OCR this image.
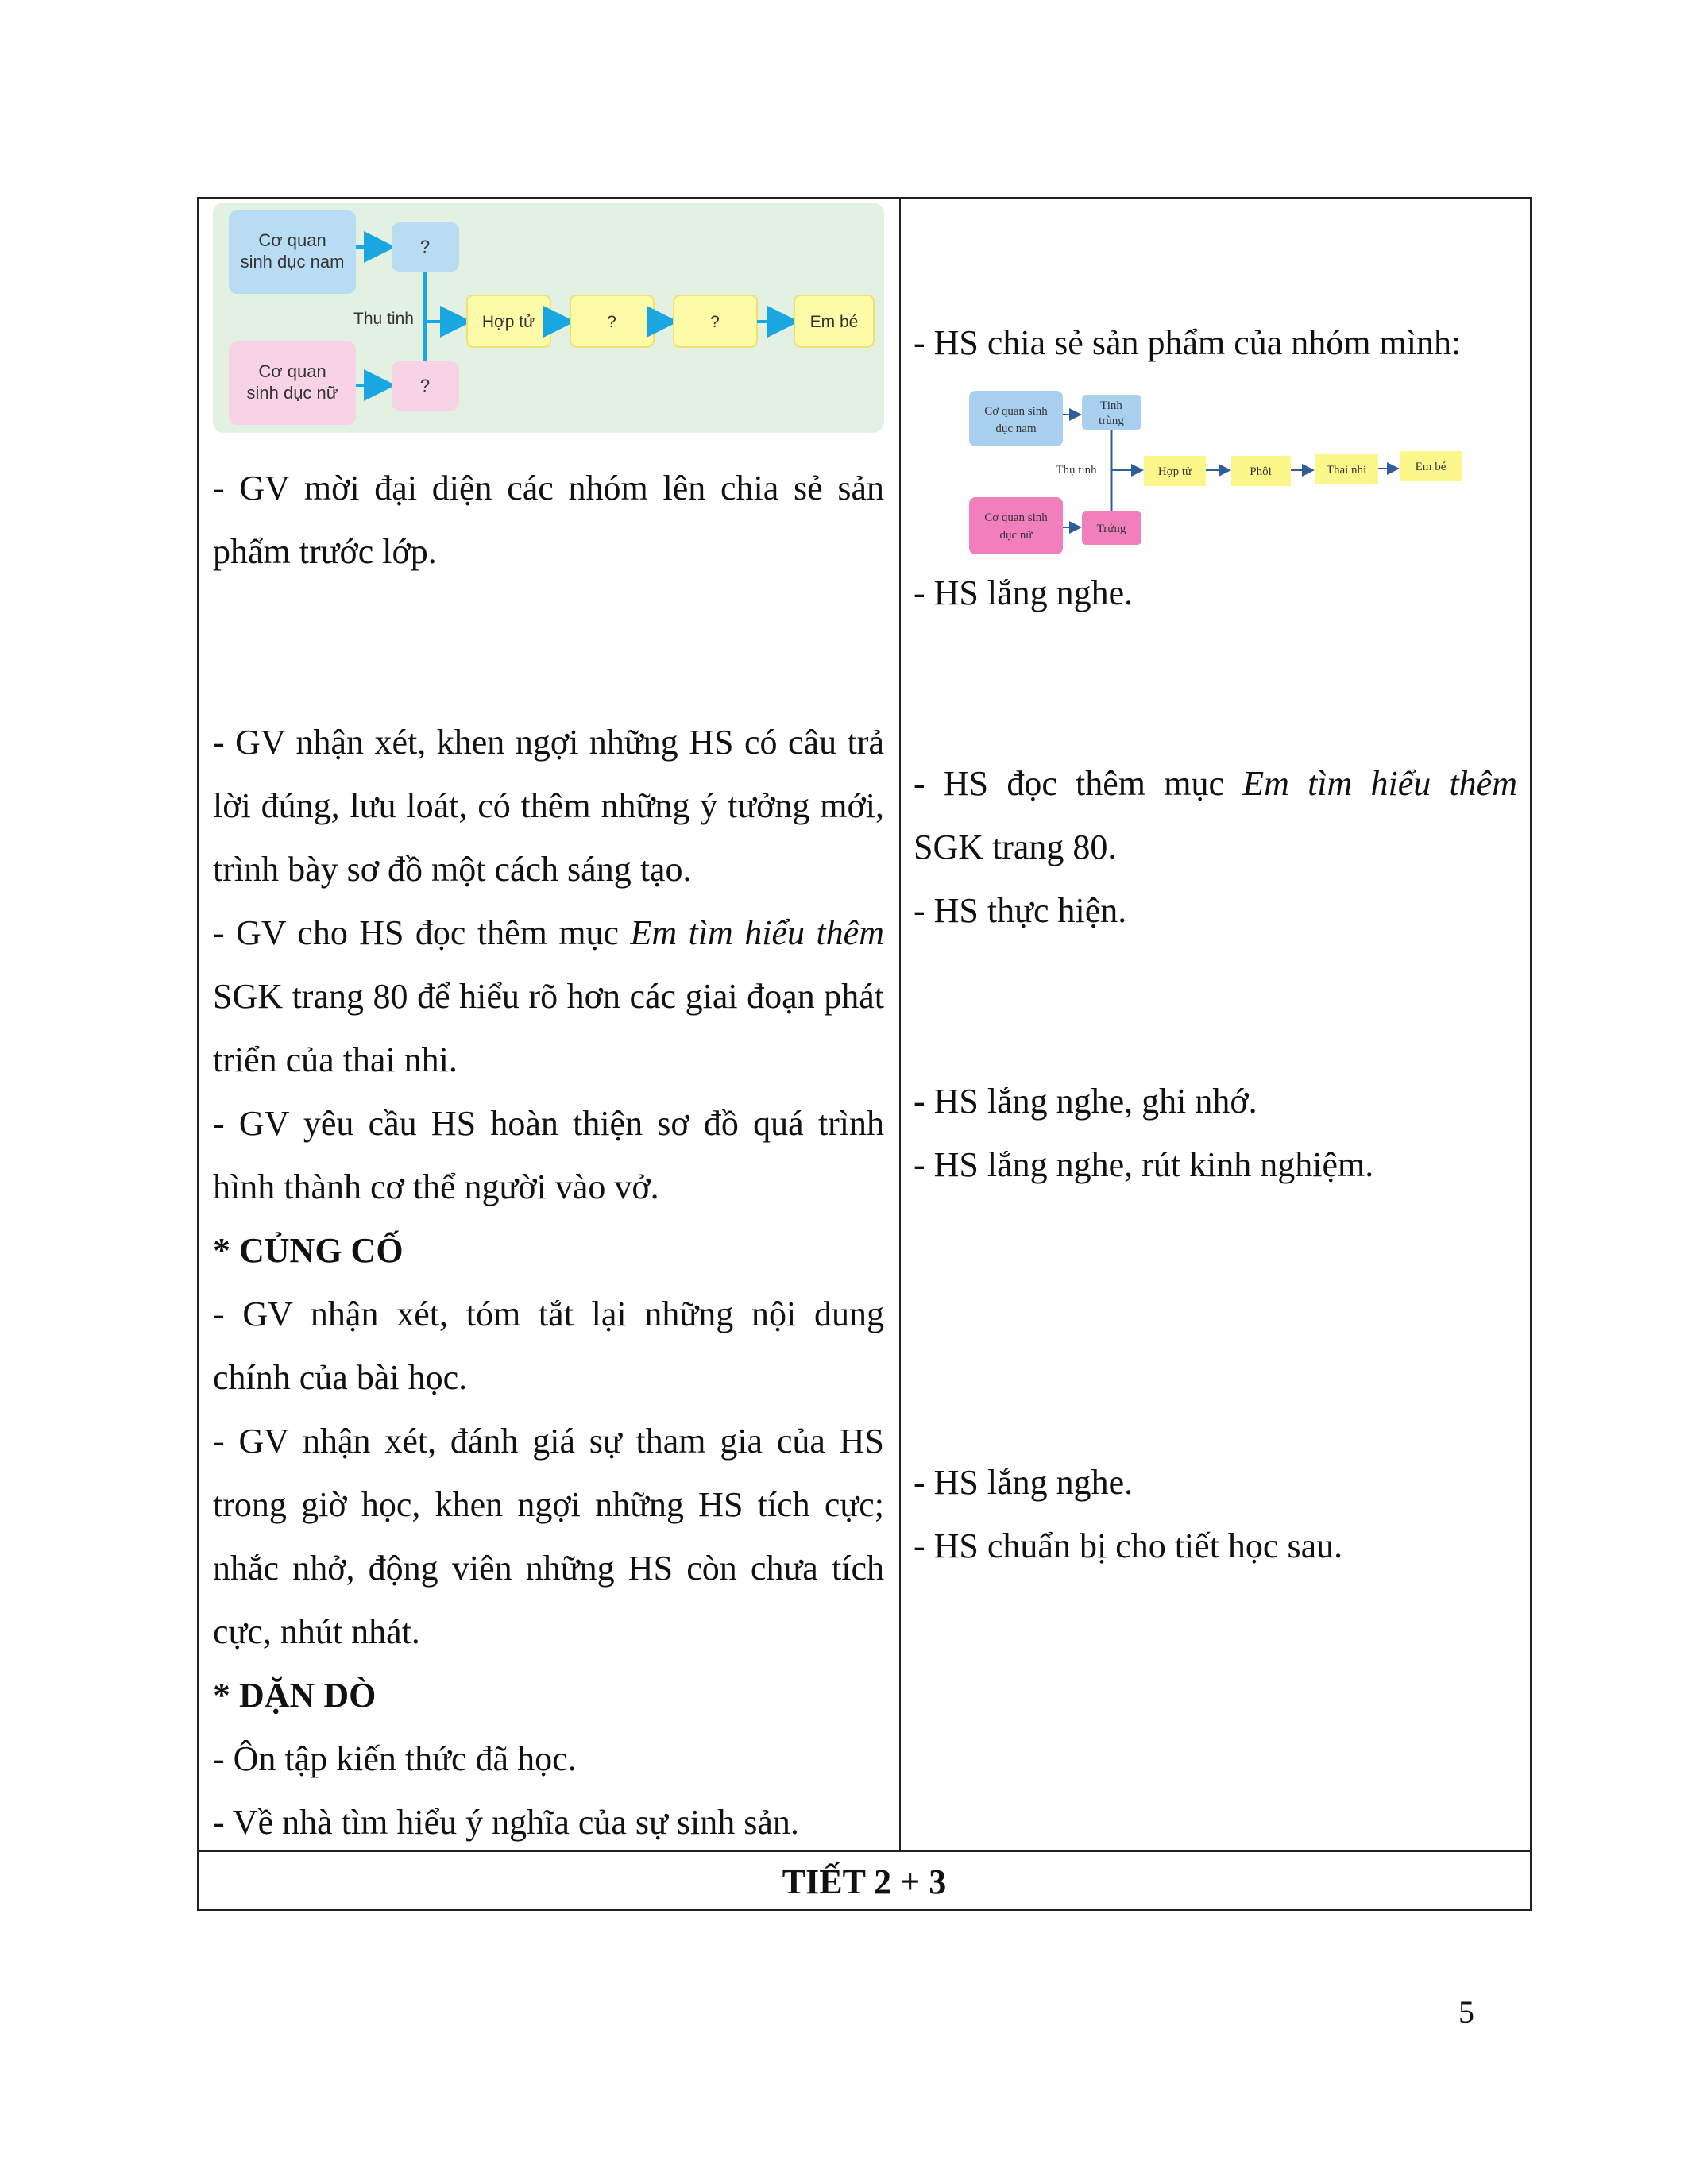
Cơ quan
sinh dục nam
Cơ quan
sinh dục nữ
?
?
Thụ tinh	Hợp tử	?	?	Em bé
Cơ quan sinh
dục nam
Cơ quan sinh
dục nữ
Tinh
trùng
Trứng
Thụ tinh	Hợp tử	Phôi	Thai nhi	Em bé

- GV mời đại diện các nhóm lên chia sẻ sản phẩm trước lớp.

- GV nhận xét, khen ngợi những HS có câu trả lời đúng, lưu loát, có thêm những ý tưởng mới, trình bày sơ đồ một cách sáng tạo.

- GV cho HS đọc thêm mục Em tìm hiểu thêm SGK trang 80 để hiểu rõ hơn các giai đoạn phát triển của thai nhi.

- GV yêu cầu HS hoàn thiện sơ đồ quá trình hình thành cơ thể người vào vở.

* CỦNG CỐ

- GV nhận xét, tóm tắt lại những nội dung chính của bài học.

- GV nhận xét, đánh giá sự tham gia của HS trong giờ học, khen ngợi những HS tích cực; nhắc nhở, động viên những HS còn chưa tích cực, nhút nhát.

* DẶN DÒ

- Ôn tập kiến thức đã học.

- Về nhà tìm hiểu ý nghĩa của sự sinh sản.

- HS chia sẻ sản phẩm của nhóm mình:

- HS lắng nghe.

- HS đọc thêm mục Em tìm hiểu thêm SGK trang 80.

- HS thực hiện.

- HS lắng nghe, ghi nhớ.

- HS lắng nghe, rút kinh nghiệm.

- HS lắng nghe.

- HS chuẩn bị cho tiết học sau.

TIẾT 2 + 3
5
